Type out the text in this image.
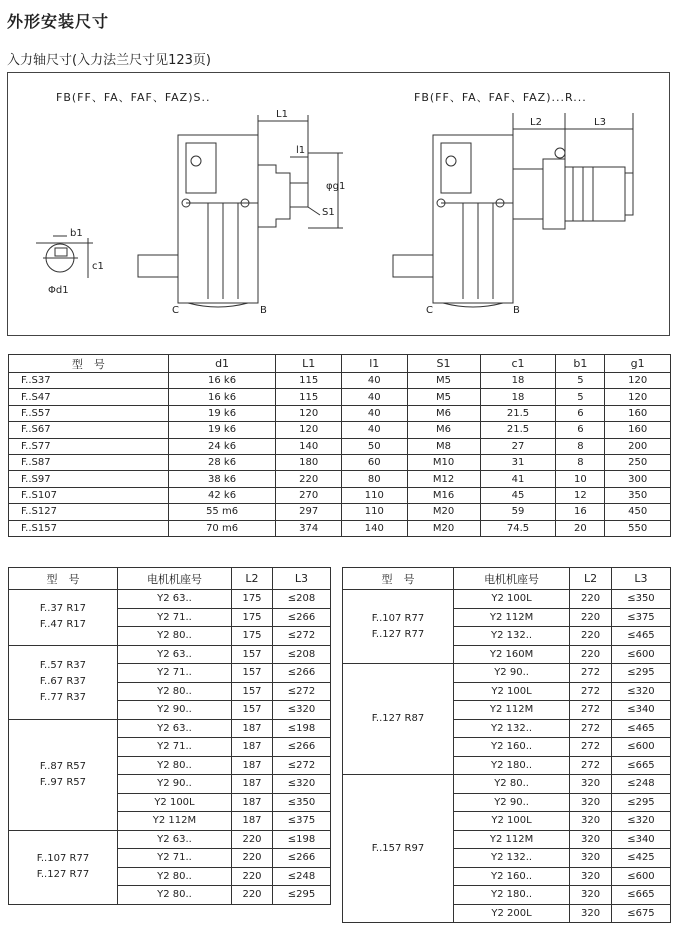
外形安装尺寸
入力轴尺寸(入力法兰尺寸见123页)
FB(FF、FA、FAF、FAZ)S..	FB(FF、FA、FAF、FAZ)...R...
L1
l1
φg1
S1
b1
c1
Φd1
C	B	C	B
L2	L3
型　号	d1	L1	l1	S1	c1	b1	g1
F..S37	16 k6	115	40	M5	18	5	120
F..S47	16 k6	115	40	M5	18	5	120
F..S57	19 k6	120	40	M6	21.5	6	160
F..S67	19 k6	120	40	M6	21.5	6	160
F..S77	24 k6	140	50	M8	27	8	200
F..S87	28 k6	180	60	M10	31	8	250
F..S97	38 k6	220	80	M12	41	10	300
F..S107	42 k6	270	110	M16	45	12	350
F..S127	55 m6	297	110	M20	59	16	450
F..S157	70 m6	374	140	M20	74.5	20	550
型　号	电机机座号	L2	L3

F..37 R17
F..47 R17	Y2 63..	175	≤208
	Y2 71..	175	≤266
	Y2 80..	175	≤272

F..57 R37
F..67 R37
F..77 R37	Y2 63..	157	≤208
	Y2 71..	157	≤266
	Y2 80..	157	≤272
	Y2 90..	157	≤320

F..87 R57
F..97 R57	Y2 63..	187	≤198
	Y2 71..	187	≤266
	Y2 80..	187	≤272
	Y2 90..	187	≤320
	Y2 100L	187	≤350
	Y2 112M	187	≤375

F..107 R77
F..127 R77	Y2 63..	220	≤198
	Y2 71..	220	≤266
	Y2 80..	220	≤248
	Y2 80..	220	≤295
型　号	电机机座号	L2	L3

F..107 R77
F..127 R77	Y2 100L	220	≤350
	Y2 112M	220	≤375
	Y2 132..	220	≤465
	Y2 160M	220	≤600

F..127 R87	Y2 90..	272	≤295
	Y2 100L	272	≤320
	Y2 112M	272	≤340
	Y2 132..	272	≤465
	Y2 160..	272	≤600
	Y2 180..	272	≤665

F..157 R97	Y2 80..	320	≤248
	Y2 90..	320	≤295
	Y2 100L	320	≤320
	Y2 112M	320	≤340
	Y2 132..	320	≤425
	Y2 160..	320	≤600
	Y2 180..	320	≤665
	Y2 200L	320	≤675
